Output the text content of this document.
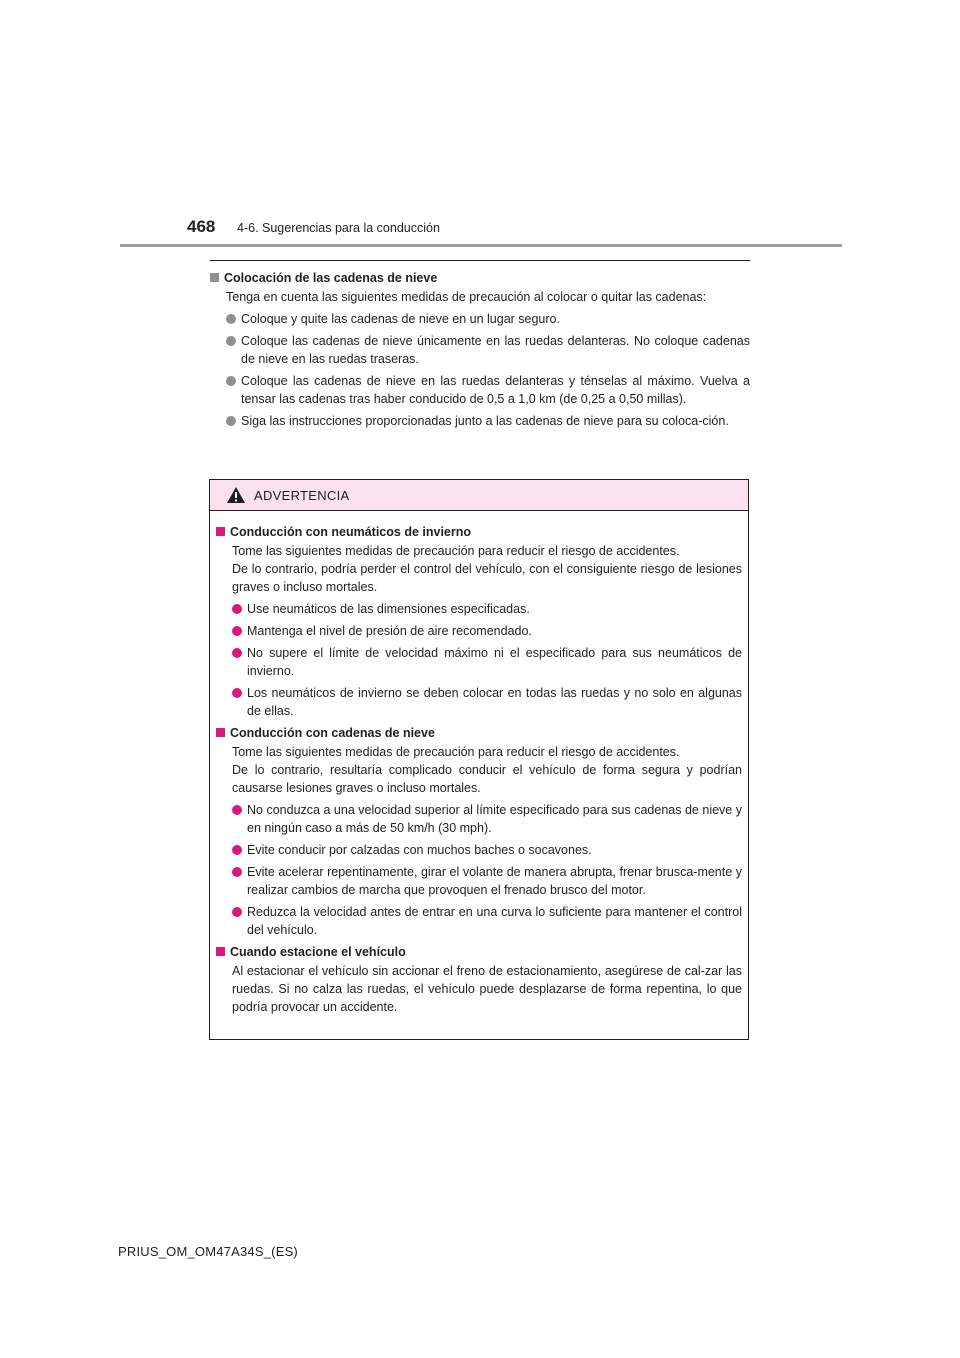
468	4-6. Sugerencias para la conducción
Colocación de las cadenas de nieve
Tenga en cuenta las siguientes medidas de precaución al colocar o quitar las cadenas:
Coloque y quite las cadenas de nieve en un lugar seguro.
Coloque las cadenas de nieve únicamente en las ruedas delanteras. No coloque cadenas de nieve en las ruedas traseras.
Coloque las cadenas de nieve en las ruedas delanteras y ténselas al máximo. Vuelva a tensar las cadenas tras haber conducido de 0,5 a 1,0 km (de 0,25 a 0,50 millas).
Siga las instrucciones proporcionadas junto a las cadenas de nieve para su coloca-ción.
ADVERTENCIA
Conducción con neumáticos de invierno
Tome las siguientes medidas de precaución para reducir el riesgo de accidentes.
De lo contrario, podría perder el control del vehículo, con el consiguiente riesgo de lesiones graves o incluso mortales.
Use neumáticos de las dimensiones especificadas.
Mantenga el nivel de presión de aire recomendado.
No supere el límite de velocidad máximo ni el especificado para sus neumáticos de invierno.
Los neumáticos de invierno se deben colocar en todas las ruedas y no solo en algunas de ellas.
Conducción con cadenas de nieve
Tome las siguientes medidas de precaución para reducir el riesgo de accidentes.
De lo contrario, resultaría complicado conducir el vehículo de forma segura y podrían causarse lesiones graves o incluso mortales.
No conduzca a una velocidad superior al límite especificado para sus cadenas de nieve y en ningún caso a más de 50 km/h (30 mph).
Evite conducir por calzadas con muchos baches o socavones.
Evite acelerar repentinamente, girar el volante de manera abrupta, frenar brusca-mente y realizar cambios de marcha que provoquen el frenado brusco del motor.
Reduzca la velocidad antes de entrar en una curva lo suficiente para mantener el control del vehículo.
Cuando estacione el vehículo
Al estacionar el vehículo sin accionar el freno de estacionamiento, asegúrese de cal-zar las ruedas. Si no calza las ruedas, el vehículo puede desplazarse de forma repentina, lo que podría provocar un accidente.
PRIUS_OM_OM47A34S_(ES)
